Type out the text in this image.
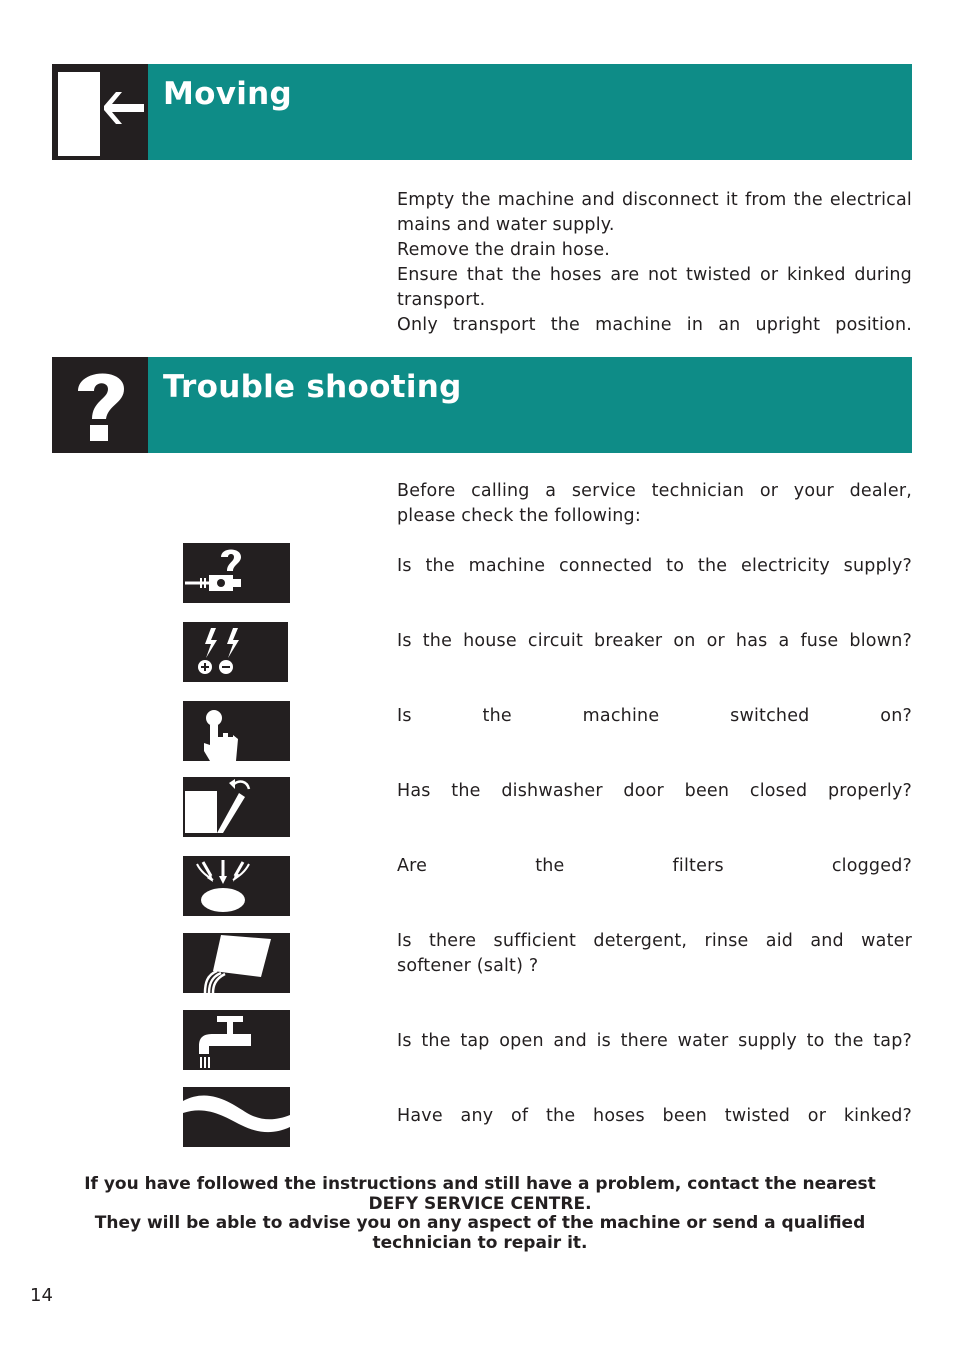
Moving
Empty the machine and disconnect it from the electrical
mains and water supply.
Remove the drain hose.
Ensure that the hoses are not twisted or kinked during
transport.
Only transport the machine in an upright position.
Trouble shooting
Before calling a service technician or your dealer,
please check the following:
Is the machine connected to the electricity supply?
Is the house circuit breaker on or has a fuse blown?
Is the machine switched on?
Has the dishwasher door been closed properly?
Are the filters clogged?
Is there sufficient detergent, rinse aid and water
softener (salt) ?
Is the tap open and is there water supply to the tap?
Have any of the hoses been twisted or kinked?
If you have followed the instructions and still have a problem, contact the nearest
DEFY SERVICE CENTRE.
They will be able to advise you on any aspect of the machine or send a qualified
technician to repair it.
14
